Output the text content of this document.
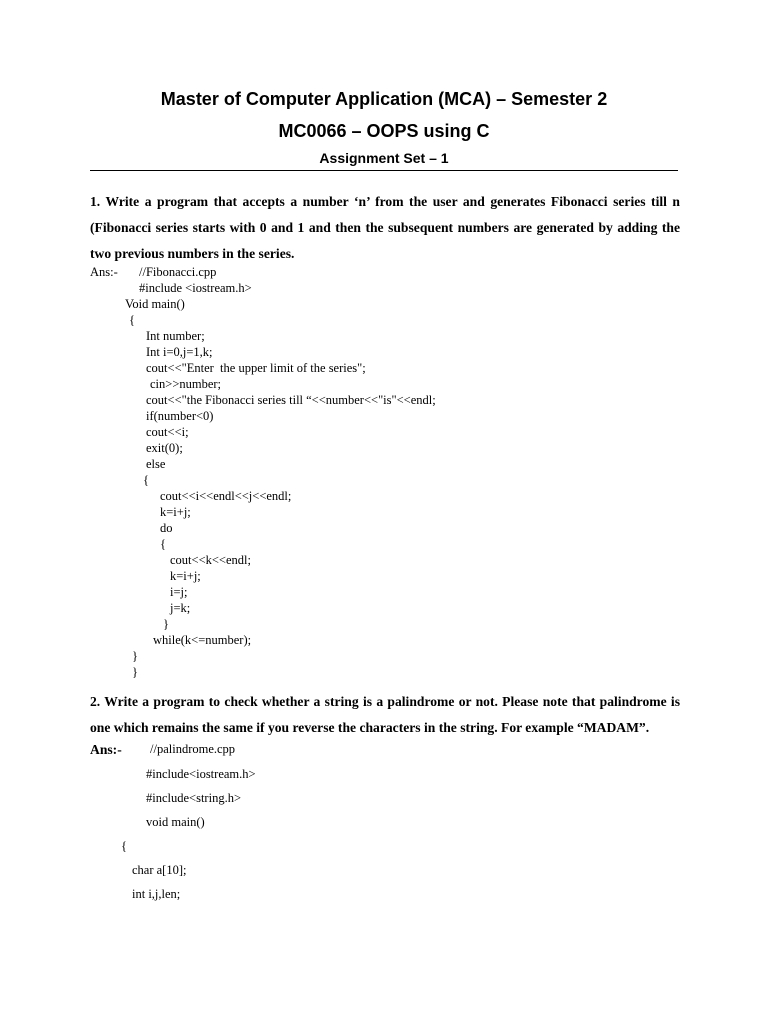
Master of Computer Application (MCA) – Semester 2
MC0066 – OOPS using C
Assignment Set – 1
1. Write a program that accepts a number ‘n’ from the user and generates Fibonacci series till n
(Fibonacci series starts with 0 and 1 and then the subsequent numbers are generated by adding the
two previous numbers in the series.
Ans:- //Fibonacci.cpp
#include <iostream.h>
Void main()
{
Int number;
Int i=0,j=1,k;
cout<<"Enter  the upper limit of the series";
cin>>number;
cout<<"the Fibonacci series till “<<number<<"is"<<endl;
if(number<0)
cout<<i;
exit(0);
else
{
cout<<i<<endl<<j<<endl;
k=i+j;
do
{
cout<<k<<endl;
k=i+j;
i=j;
j=k;
}
while(k<=number);
}
}
2. Write a program to check whether a string is a palindrome or not. Please note that palindrome is
one which remains the same if you reverse the characters in the string. For example “MADAM”.
Ans:- //palindrome.cpp
#include<iostream.h>
#include<string.h>
void main()
{
char a[10];
int i,j,len;
